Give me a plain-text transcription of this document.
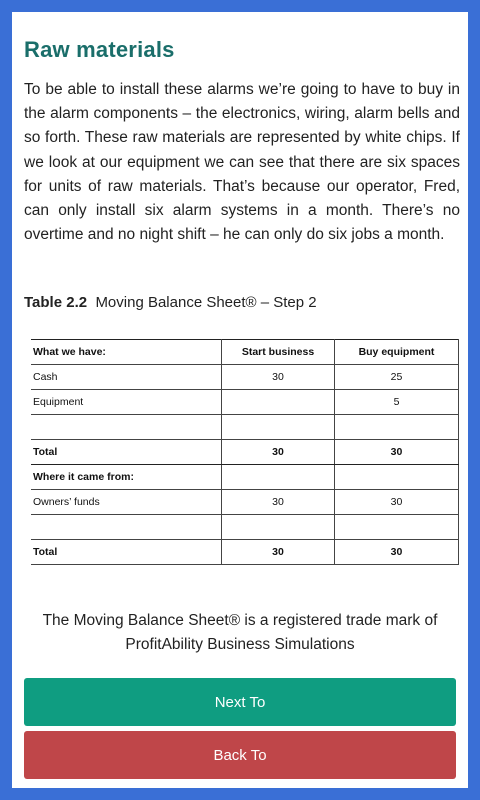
Raw materials

To be able to install these alarms we’re going to have to buy in the alarm components – the electronics, wiring, alarm bells and so forth. These raw materials are represented by white chips. If we look at our equipment we can see that there are six spaces for units of raw materials. That’s because our operator, Fred, can only install six alarm systems in a month. There’s no overtime and no night shift – he can only do six jobs a month.

Table 2.2 Moving Balance Sheet® – Step 2
What we have:	Start business	Buy equipment
Cash	30	25
Equipment		5

Total	30	30
Where it came from:		
Owners’ funds	30	30

Total	30	30
The Moving Balance Sheet® is a registered trade mark of ProfitAbility Business Simulations
Next To
Back To
